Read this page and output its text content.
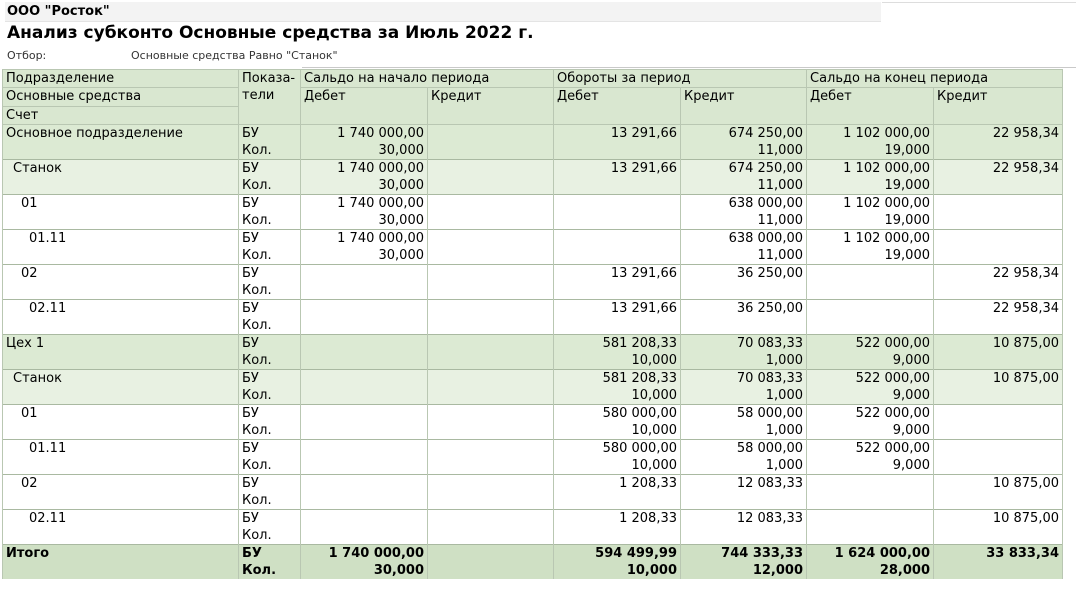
ООО "Росток"
Анализ субконто Основные средства за Июль 2022 г.
Отбор:	Основные средства Равно "Станок"
Подразделение	Показа-
тели	Сальдо на начало периода		Обороты за период		Сальдо на конец периода	
Основные средства		Дебет	Кредит	Дебет	Кредит	Дебет	Кредит
Счет							
Основное подразделение	БУ	1 740 000,00		13 291,66	674 250,00	1 102 000,00	22 958,34
	Кол.	30,000			11,000	19,000	
Станок	БУ	1 740 000,00		13 291,66	674 250,00	1 102 000,00	22 958,34
	Кол.	30,000			11,000	19,000	
01	БУ	1 740 000,00			638 000,00	1 102 000,00	
	Кол.	30,000			11,000	19,000	
01.11	БУ	1 740 000,00			638 000,00	1 102 000,00	
	Кол.	30,000			11,000	19,000	
02	БУ			13 291,66	36 250,00		22 958,34
	Кол.						
02.11	БУ			13 291,66	36 250,00		22 958,34
	Кол.						
Цех 1	БУ			581 208,33	70 083,33	522 000,00	10 875,00
	Кол.			10,000	1,000	9,000	
Станок	БУ			581 208,33	70 083,33	522 000,00	10 875,00
	Кол.			10,000	1,000	9,000	
01	БУ			580 000,00	58 000,00	522 000,00	
	Кол.			10,000	1,000	9,000	
01.11	БУ			580 000,00	58 000,00	522 000,00	
	Кол.			10,000	1,000	9,000	
02	БУ			1 208,33	12 083,33		10 875,00
	Кол.						
02.11	БУ			1 208,33	12 083,33		10 875,00
	Кол.						
Итого	БУ	1 740 000,00		594 499,99	744 333,33	1 624 000,00	33 833,34
	Кол.	30,000		10,000	12,000	28,000	
